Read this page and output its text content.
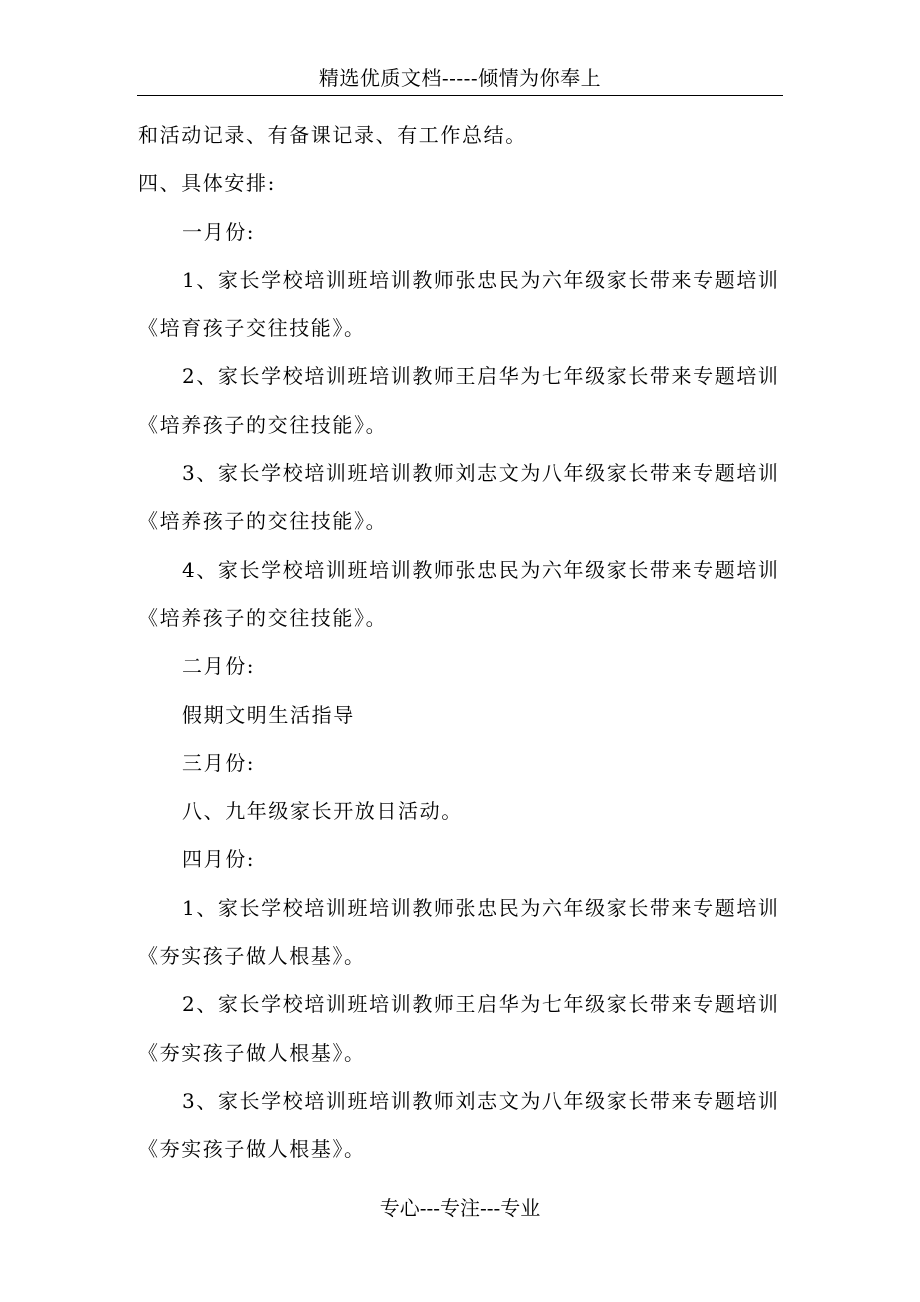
精选优质文档-----倾情为你奉上
和活动记录、有备课记录、有工作总结。
四、具体安排:
一月份:
1、家长学校培训班培训教师张忠民为六年级家长带来专题培训
《培育孩子交往技能》。
2、家长学校培训班培训教师王启华为七年级家长带来专题培训
《培养孩子的交往技能》。
3、家长学校培训班培训教师刘志文为八年级家长带来专题培训
《培养孩子的交往技能》。
4、家长学校培训班培训教师张忠民为六年级家长带来专题培训
《培养孩子的交往技能》。
二月份:
假期文明生活指导
三月份:
八、九年级家长开放日活动。
四月份:
1、家长学校培训班培训教师张忠民为六年级家长带来专题培训
《夯实孩子做人根基》。
2、家长学校培训班培训教师王启华为七年级家长带来专题培训
《夯实孩子做人根基》。
3、家长学校培训班培训教师刘志文为八年级家长带来专题培训
《夯实孩子做人根基》。
专心---专注---专业
